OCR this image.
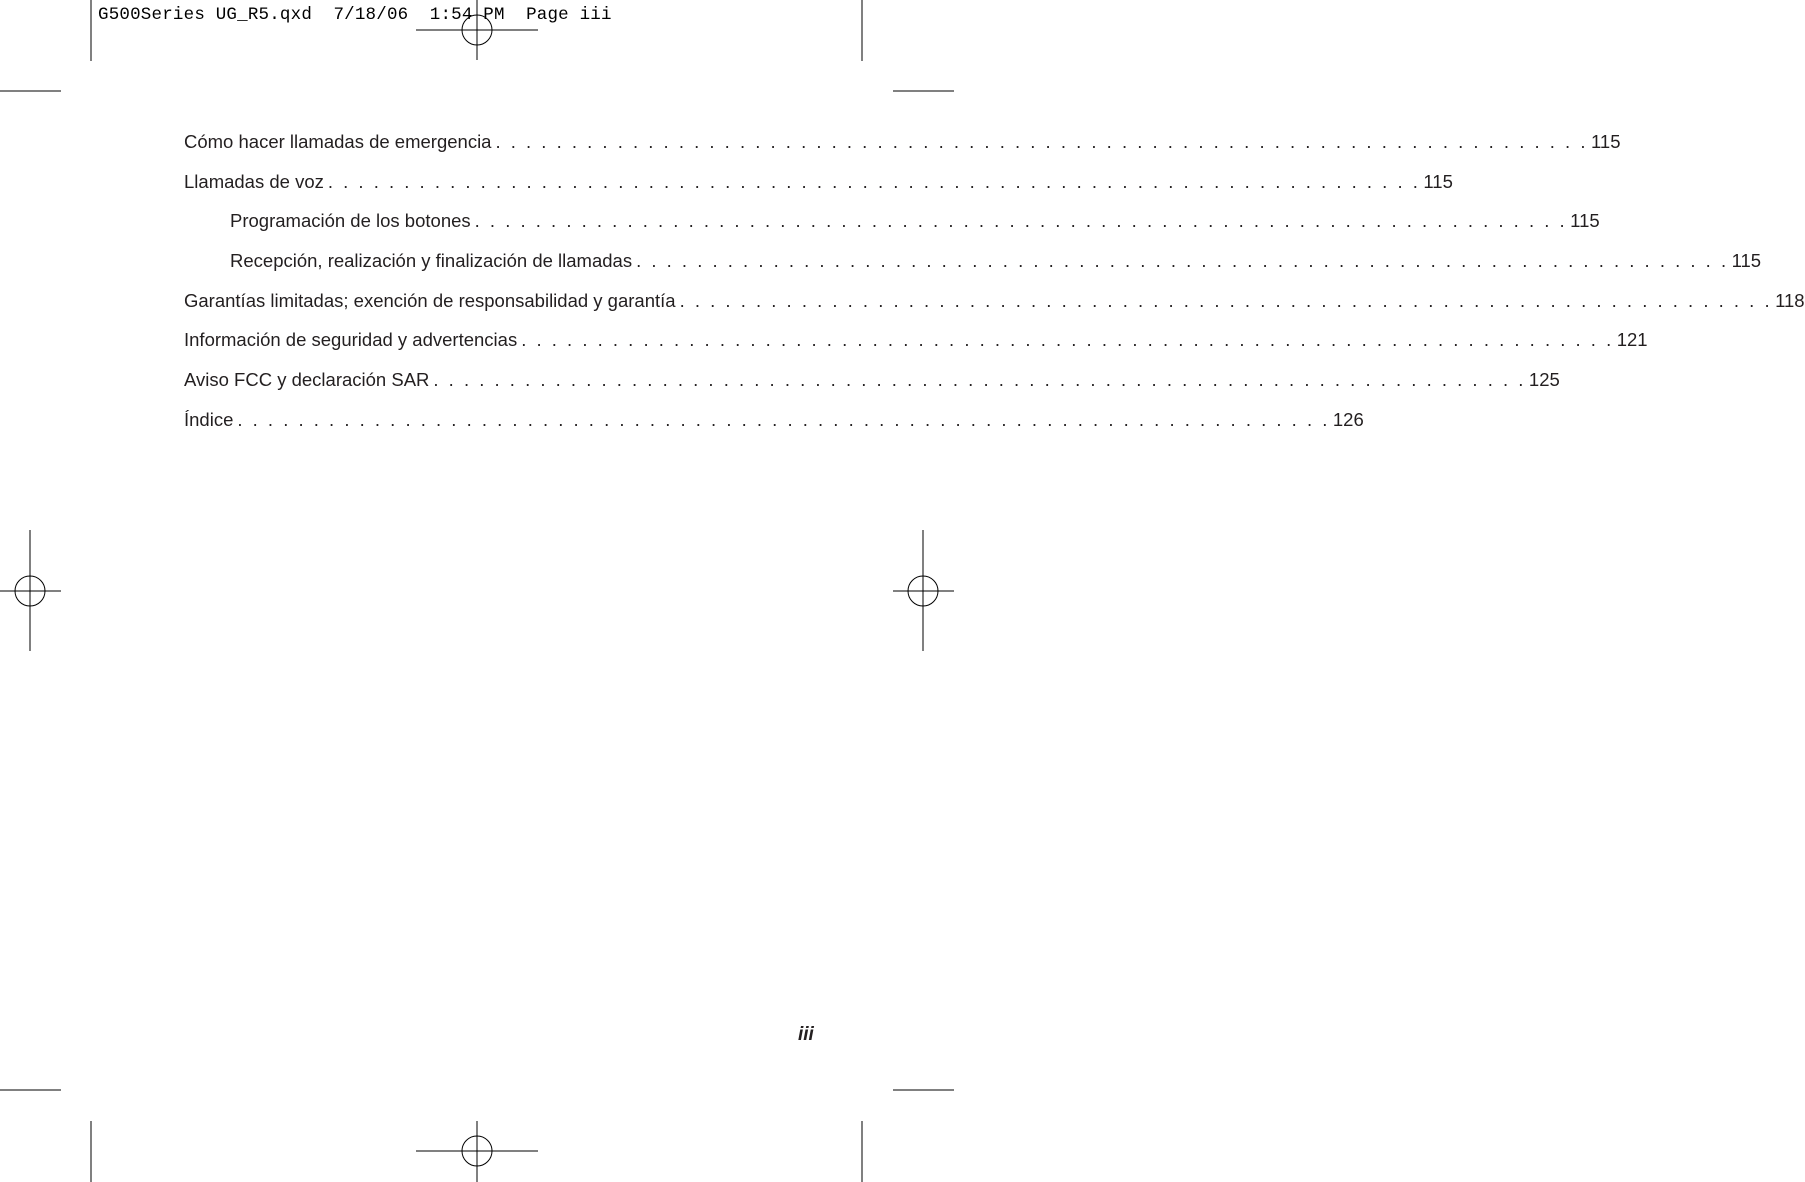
G500Series UG_R5.qxd  7/18/06  1:54 PM  Page iii
Cómo hacer llamadas de emergencia . . . . . . . . . . . . . . . . . . . . . . . . . . . . . . . . . . . . . . . . . . . . . . . . . . . . . . . . . . . . . . . . . . . . . . . . 115
Llamadas de voz . . . . . . . . . . . . . . . . . . . . . . . . . . . . . . . . . . . . . . . . . . . . . . . . . . . . . . . . . . . . . . . . . . . . . . . . 115
Programación de los botones . . . . . . . . . . . . . . . . . . . . . . . . . . . . . . . . . . . . . . . . . . . . . . . . . . . . . . . . . . . . . . . . . . . . . . . . 115
Recepción, realización y finalización de llamadas . . . . . . . . . . . . . . . . . . . . . . . . . . . . . . . . . . . . . . . . . . . . . . . . . . . . . . . . . . . . . . . . . . . . . . . . 115
Garantías limitadas; exención de responsabilidad y garantía . . . . . . . . . . . . . . . . . . . . . . . . . . . . . . . . . . . . . . . . . . . . . . . . . . . . . . . . . . . . . . . . . . . . . . . . 118
Información de seguridad y advertencias . . . . . . . . . . . . . . . . . . . . . . . . . . . . . . . . . . . . . . . . . . . . . . . . . . . . . . . . . . . . . . . . . . . . . . . . 121
Aviso FCC y declaración SAR . . . . . . . . . . . . . . . . . . . . . . . . . . . . . . . . . . . . . . . . . . . . . . . . . . . . . . . . . . . . . . . . . . . . . . . . 125
Índice . . . . . . . . . . . . . . . . . . . . . . . . . . . . . . . . . . . . . . . . . . . . . . . . . . . . . . . . . . . . . . . . . . . . . . . . 126
iii
